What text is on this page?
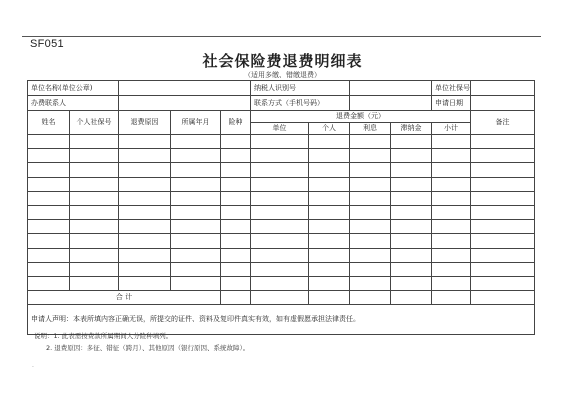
SF051
社会保险费退费明细表
（适用多缴、错缴退费）
单位名称(单位公章)					纳税人识别号				单位社保号	
办费联系人					联系方式（手机号码）				申请日期	
姓名	个人社保号	退费原因	所属年月	险种	退费金额（元）					备注
					单位	个人	利息	滞纳金	小计	

合 计										
申请人声明：本表所填内容正确无误，所提交的证件、资料及复印件真实有效，如有虚假愿承担法律责任。										
说明：1. 此表需按费款所属期间人分险种填列。
2. 退费原因：多征、错征（跨月）、其他原因（银行原因、系统故障）。
.
